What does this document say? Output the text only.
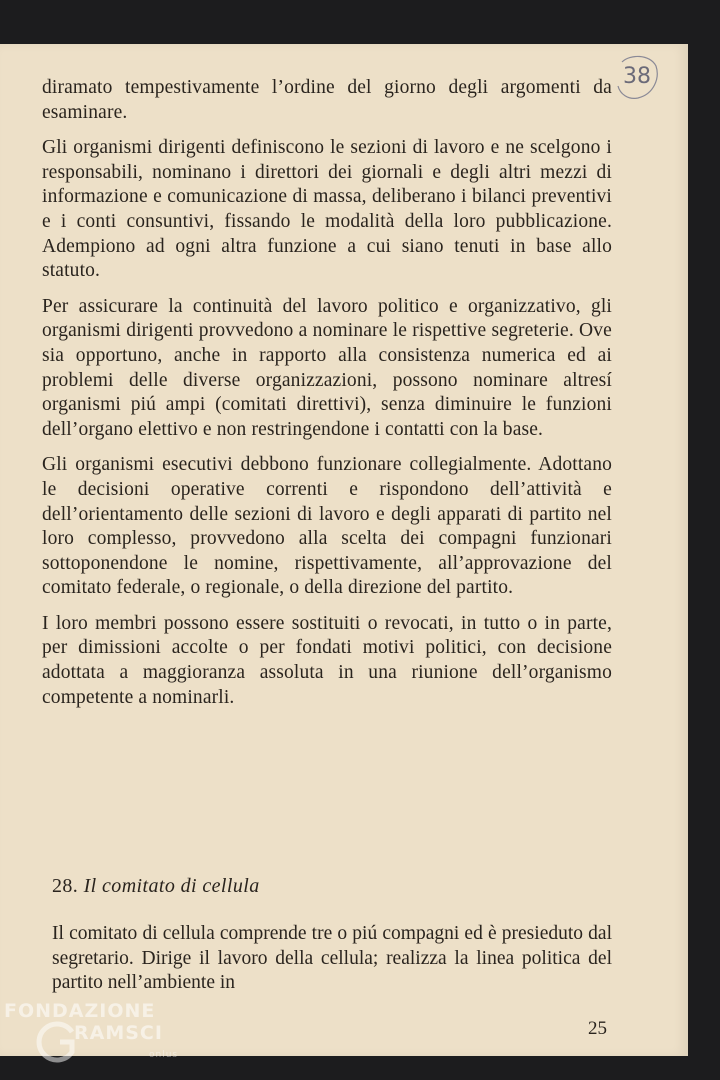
38

diramato tempestivamente l’ordine del giorno degli argomenti da esaminare.

Gli organismi dirigenti definiscono le sezioni di lavoro e ne scelgono i responsabili, nominano i direttori dei giornali e degli altri mezzi di informazione e comunicazione di massa, deliberano i bilanci preventivi e i conti consuntivi, fissando le modalità della loro pubblicazione. Adempiono ad ogni altra funzione a cui siano tenuti in base allo statuto.

Per assicurare la continuità del lavoro politico e organizzativo, gli organismi dirigenti provvedono a nominare le rispettive segreterie. Ove sia opportuno, anche in rapporto alla consistenza numerica ed ai problemi delle diverse organizzazioni, possono nominare altresí organismi piú ampi (comitati direttivi), senza diminuire le funzioni dell’organo elettivo e non restringendone i contatti con la base.

Gli organismi esecutivi debbono funzionare collegialmente. Adottano le decisioni operative correnti e rispondono dell’attività e dell’orientamento delle sezioni di lavoro e degli apparati di partito nel loro complesso, provvedono alla scelta dei compagni funzionari sottoponendone le nomine, rispettivamente, all’approvazione del comitato federale, o regionale, o della direzione del partito.

I loro membri possono essere sostituiti o revocati, in tutto o in parte, per dimissioni accolte o per fondati motivi politici, con decisione adottata a maggioranza assoluta in una riunione dell’organismo competente a nominarli.

28. Il comitato di cellula

Il comitato di cellula comprende tre o piú compagni ed è presieduto dal segretario. Dirige il lavoro della cellula; realizza la linea politica del partito nell’ambiente in

25
FONDAZIONE
RAMSCI
onlus
